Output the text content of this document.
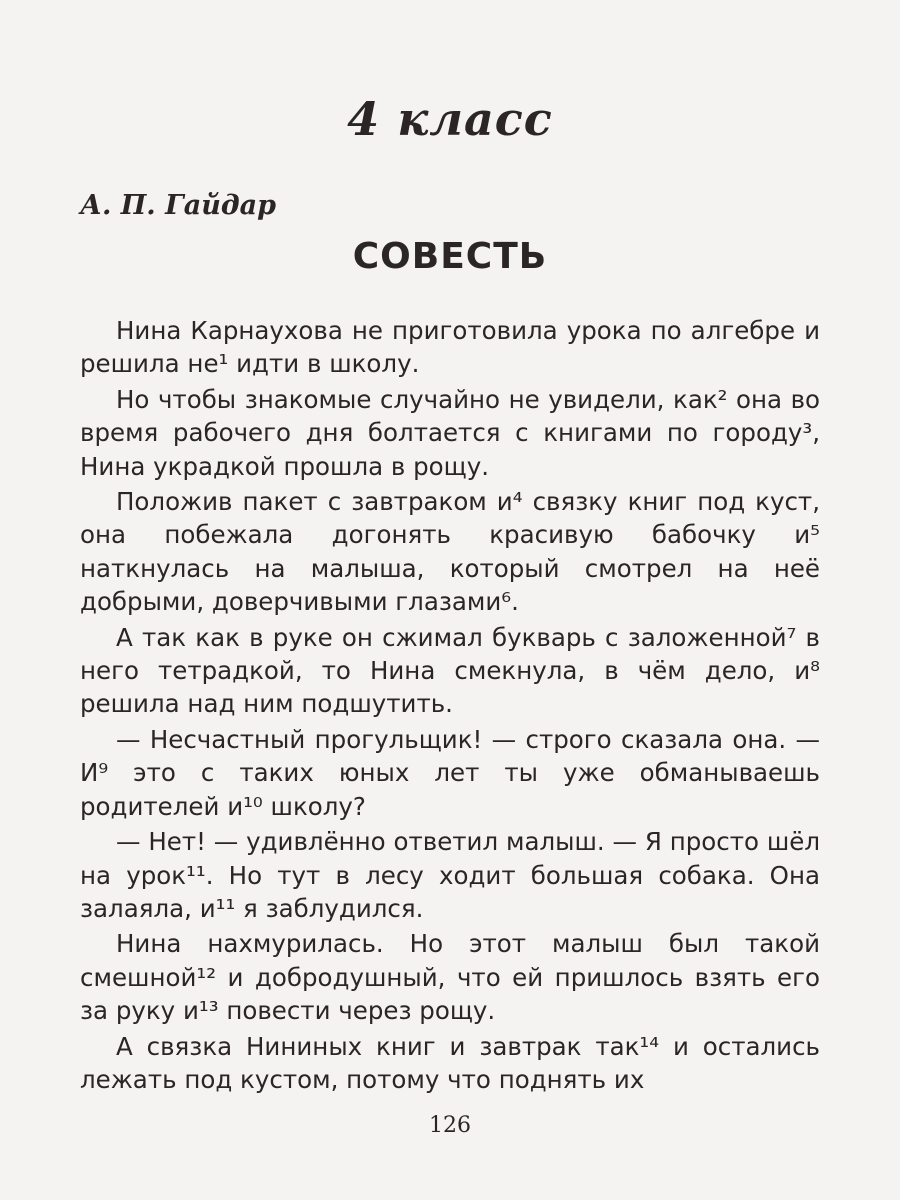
4 класс
А. П. Гайдар
СОВЕСТЬ

Нина Карнаухова не приготовила урока по алгебре и решила не¹ идти в школу.

Но чтобы знакомые случайно не увидели, как² она во время рабочего дня болтается с книгами по городу³, Нина украдкой прошла в рощу.

Положив пакет с завтраком и⁴ связку книг под куст, она побежала догонять красивую бабочку и⁵ наткнулась на малыша, который смотрел на неё добрыми, доверчивыми глазами⁶.

А так как в руке он сжимал букварь с заложенной⁷ в него тетрадкой, то Нина смекнула, в чём дело, и⁸ решила над ним подшутить.

— Несчастный прогульщик! — строго сказала она. — И⁹ это с таких юных лет ты уже обманываешь родителей и¹⁰ школу?

— Нет! — удивлённо ответил малыш. — Я просто шёл на урок¹¹. Но тут в лесу ходит большая собака. Она залаяла, и¹¹ я заблудился.

Нина нахмурилась. Но этот малыш был такой смешной¹² и добродушный, что ей пришлось взять его за руку и¹³ повести через рощу.

А связка Нининых книг и завтрак так¹⁴ и остались лежать под кустом, потому что поднять их

126
